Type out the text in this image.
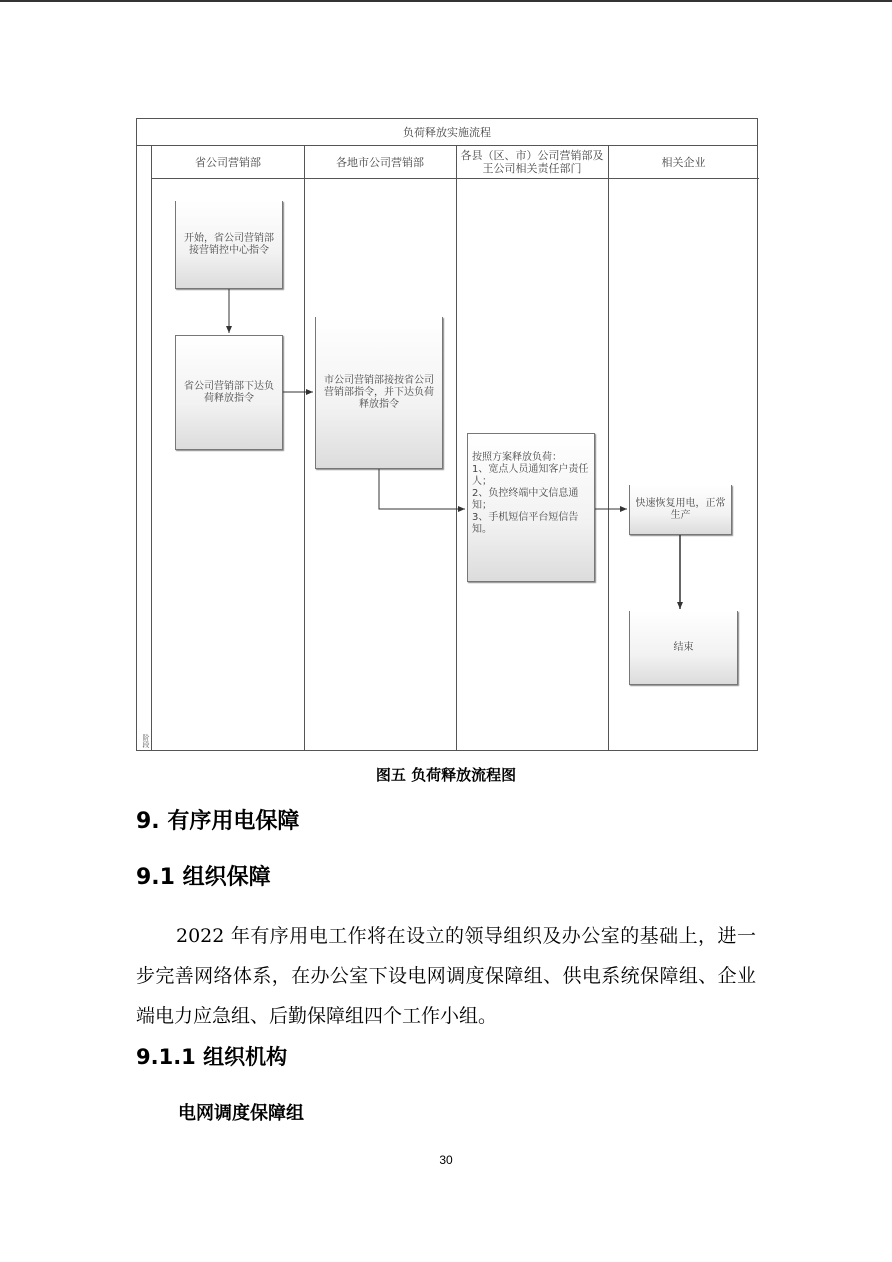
负荷释放实施流程
阶段
省公司营销部	各地市公司营销部	各县（区、市）公司营销部及王公司相关责任部门	相关企业
开始，省公司营销部接营销控中心指令
省公司营销部下达负荷释放指令
市公司营销部接按省公司营销部指令，并下达负荷释放指令
按照方案释放负荷：
1、宽点人员通知客户责任人；
2、负控终端中文信息通知；
3、手机短信平台短信告知。
快速恢复用电，正常生产
结束
图五 负荷释放流程图
9. 有序用电保障
9.1 组织保障
2022 年有序用电工作将在设立的领导组织及办公室的基础上，进一步完善网络体系，在办公室下设电网调度保障组、供电系统保障组、企业端电力应急组、后勤保障组四个工作小组。
9.1.1 组织机构
电网调度保障组
30
